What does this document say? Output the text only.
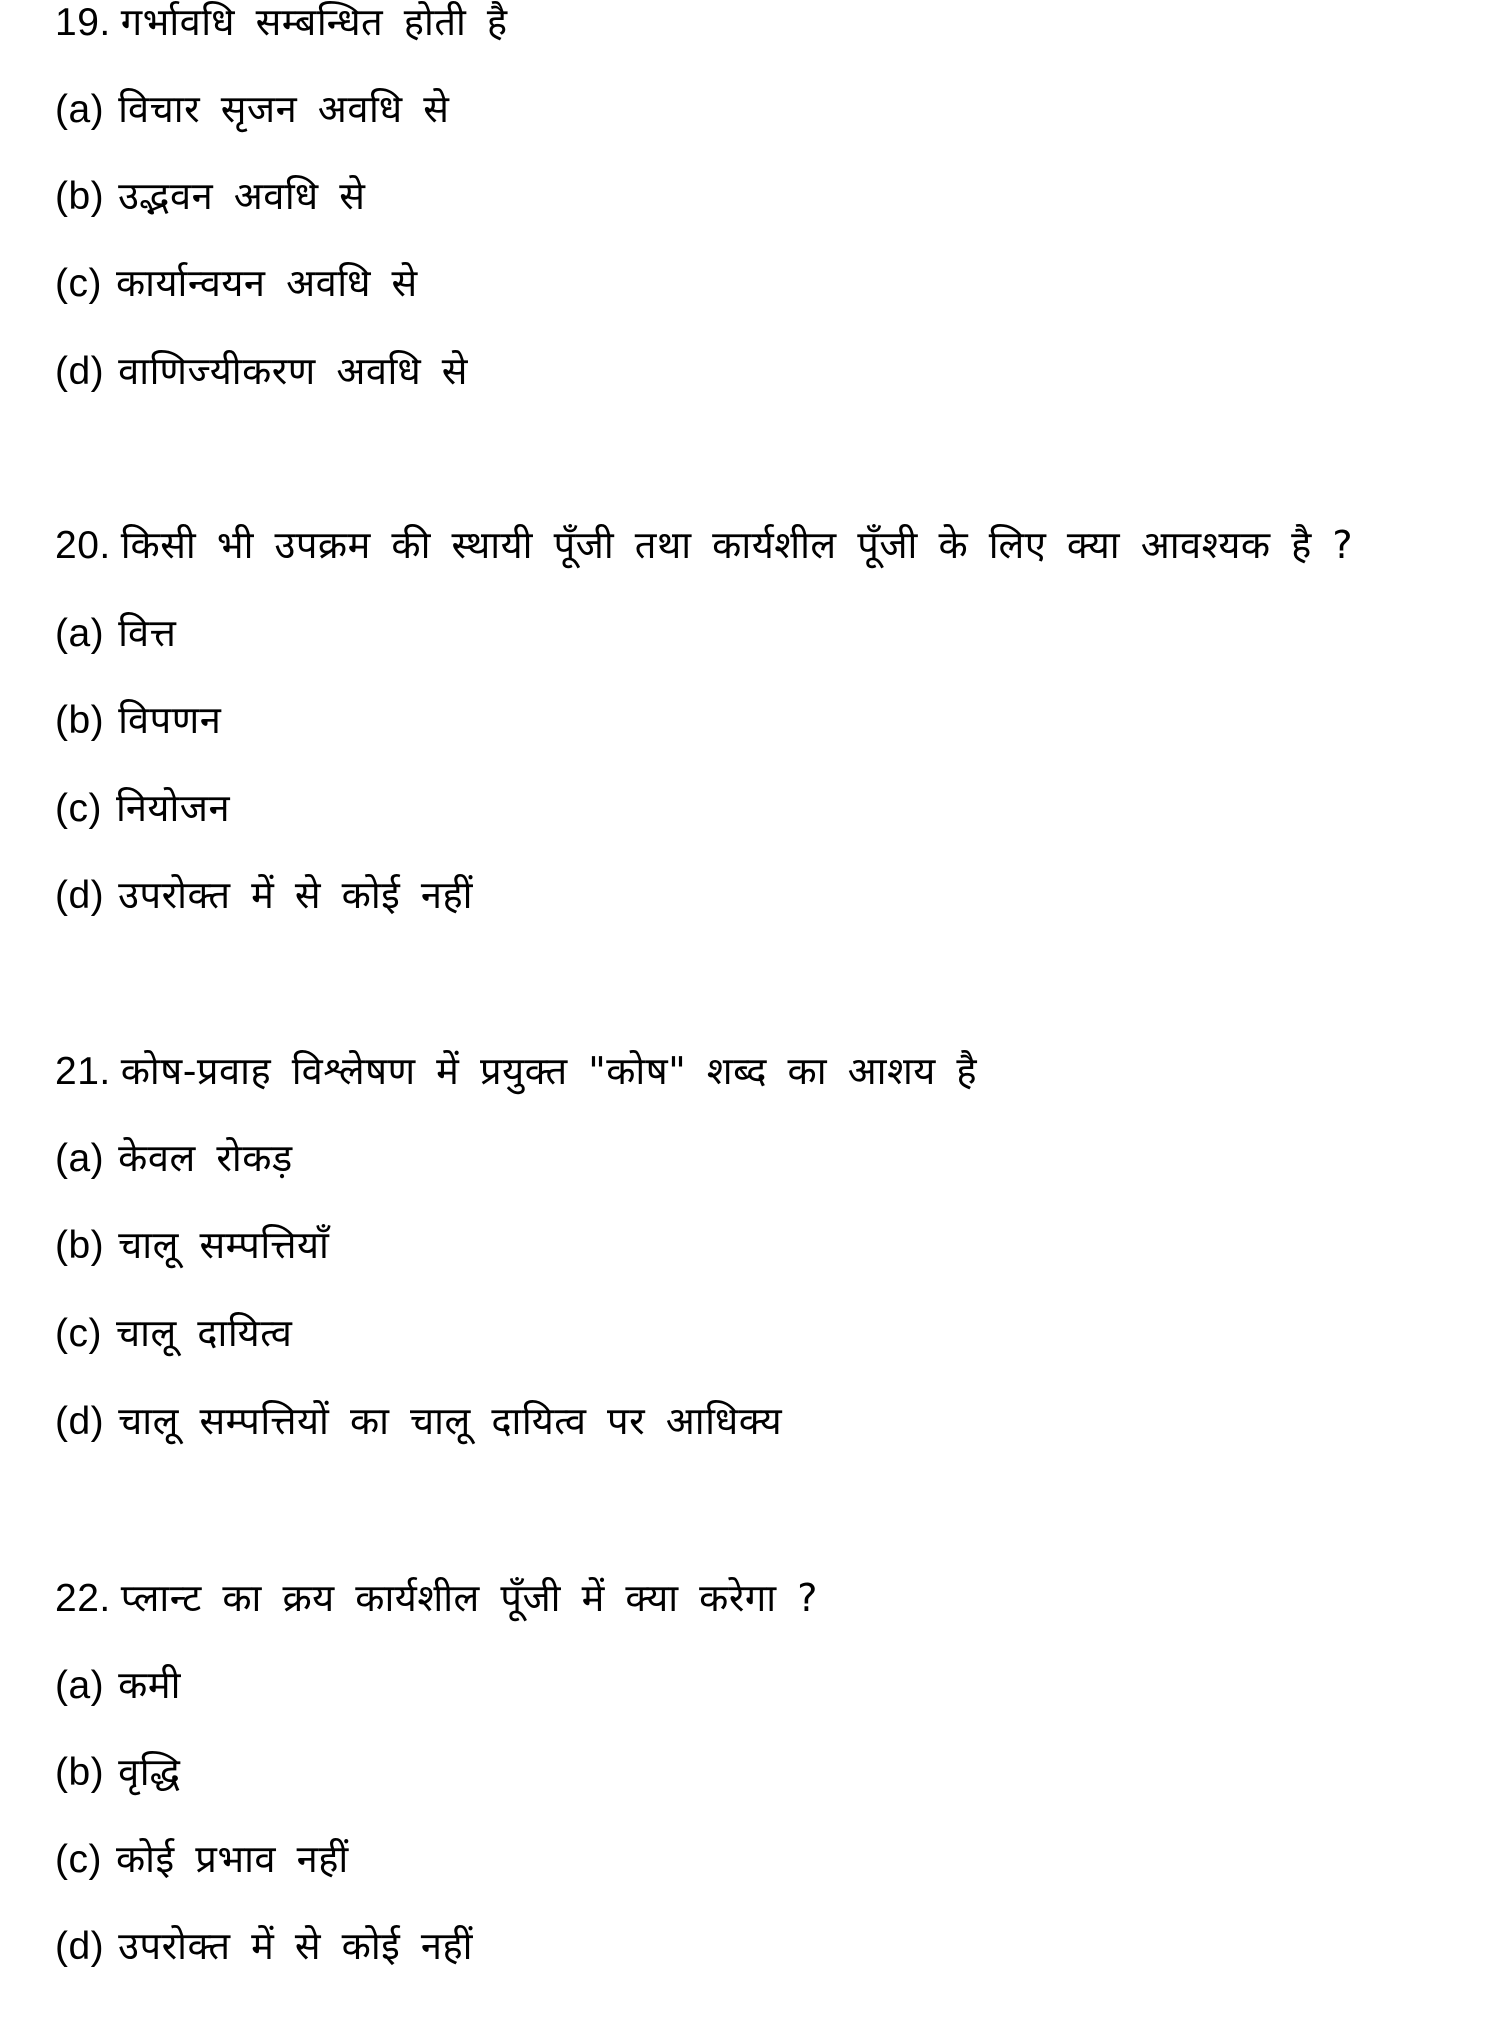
19. गर्भावधि सम्बन्धित होती है
(a) विचार सृजन अवधि से
(b) उद्भवन अवधि से
(c) कार्यान्वयन अवधि से
(d) वाणिज्यीकरण अवधि से
20. किसी भी उपक्रम की स्थायी पूँजी तथा कार्यशील पूँजी के लिए क्या आवश्यक है ?
(a) वित्त
(b) विपणन
(c) नियोजन
(d) उपरोक्त में से कोई नहीं
21. कोष-प्रवाह विश्लेषण में प्रयुक्त "कोष" शब्द का आशय है
(a) केवल रोकड़
(b) चालू सम्पत्तियाँ
(c) चालू दायित्व
(d) चालू सम्पत्तियों का चालू दायित्व पर आधिक्य
22. प्लान्ट का क्रय कार्यशील पूँजी में क्या करेगा ?
(a) कमी
(b) वृद्धि
(c) कोई प्रभाव नहीं
(d) उपरोक्त में से कोई नहीं
